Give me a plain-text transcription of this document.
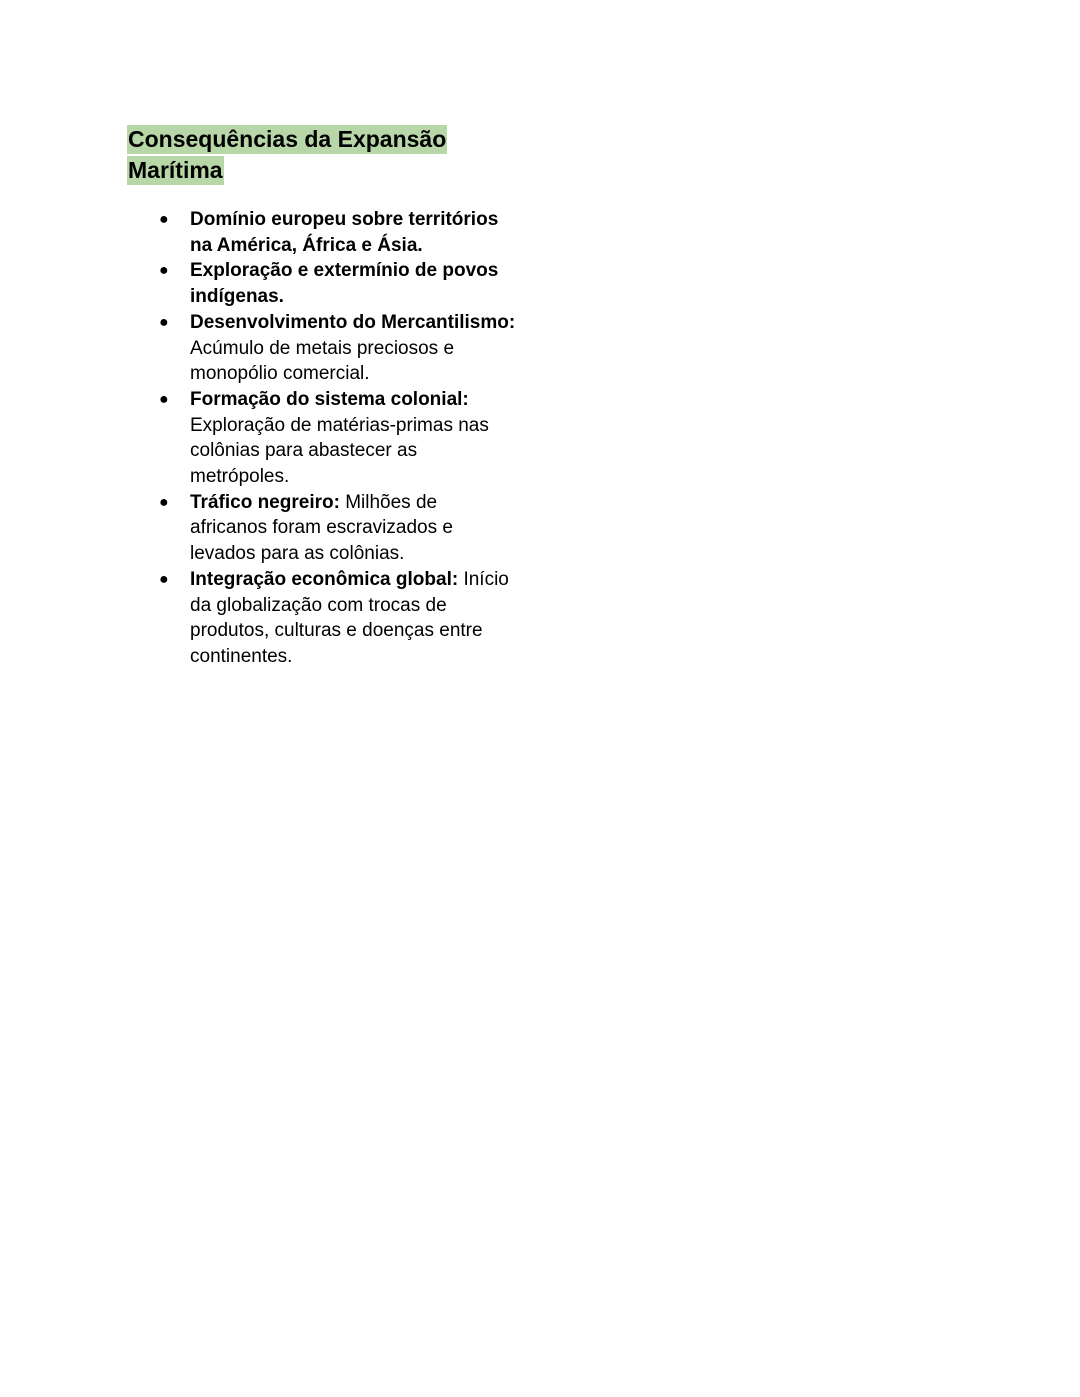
Consequências da Expansão
Marítima
● Domínio europeu sobre territórios na América, África e Ásia.
● Exploração e extermínio de povos indígenas.
● Desenvolvimento do Mercantilismo: Acúmulo de metais preciosos e monopólio comercial.
● Formação do sistema colonial: Exploração de matérias-primas nas colônias para abastecer as metrópoles.
● Tráfico negreiro: Milhões de africanos foram escravizados e levados para as colônias.
● Integração econômica global: Início da globalização com trocas de produtos, culturas e doenças entre continentes.
